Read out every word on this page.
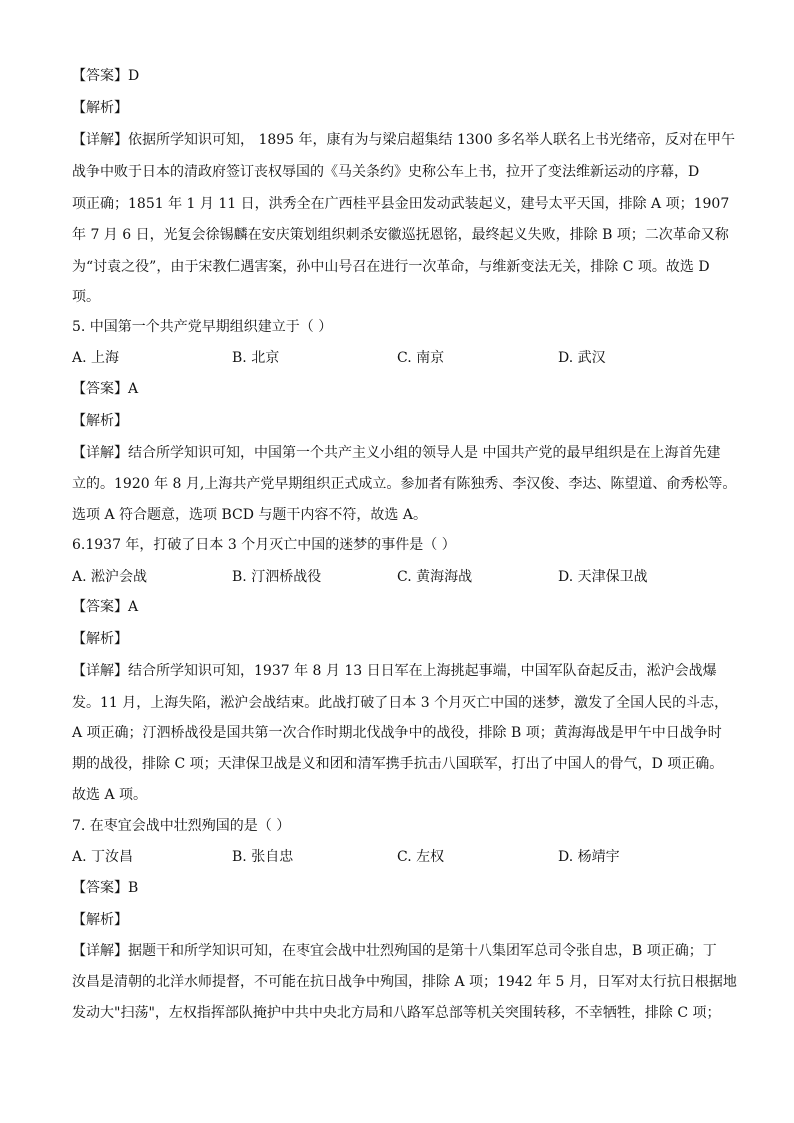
【答案】D
【解析】
【详解】依据所学知识可知， 1895 年，康有为与梁启超集结 1300 多名举人联名上书光绪帝，反对在甲午
战争中败于日本的清政府签订丧权辱国的《马关条约》史称公车上书，拉开了变法维新运动的序幕，D
项正确；1851 年 1 月 11 日，洪秀全在广西桂平县金田发动武装起义，建号太平天国，排除 A 项；1907
年 7 月 6 日，光复会徐锡麟在安庆策划组织刺杀安徽巡抚恩铭，最终起义失败，排除 B 项；二次革命又称
为“讨袁之役”，由于宋教仁遇害案，孙中山号召在进行一次革命，与维新变法无关，排除 C 项。故选 D
项。
5. 中国第一个共产党早期组织建立于（ ）
A. 上海	B. 北京	C. 南京	D. 武汉
【答案】A
【解析】
【详解】结合所学知识可知，中国第一个共产主义小组的领导人是 中国共产党的最早组织是在上海首先建
立的。1920 年 8 月,上海共产党早期组织正式成立。参加者有陈独秀、李汉俊、李达、陈望道、俞秀松等。
选项 A 符合题意，选项 BCD 与题干内容不符，故选 A。
6.1937 年，打破了日本 3 个月灭亡中国的迷梦的事件是（ ）
A. 淞沪会战	B. 汀泗桥战役	C. 黄海海战	D. 天津保卫战
【答案】A
【解析】
【详解】结合所学知识可知，1937 年 8 月 13 日日军在上海挑起事端，中国军队奋起反击，淞沪会战爆
发。11 月，上海失陷，淞沪会战结束。此战打破了日本 3 个月灭亡中国的迷梦，激发了全国人民的斗志，
A 项正确；汀泗桥战役是国共第一次合作时期北伐战争中的战役，排除 B 项；黄海海战是甲午中日战争时
期的战役，排除 C 项；天津保卫战是义和团和清军携手抗击八国联军，打出了中国人的骨气，D 项正确。
故选 A 项。
7. 在枣宜会战中壮烈殉国的是（ ）
A. 丁汝昌	B. 张自忠	C. 左权	D. 杨靖宇
【答案】B
【解析】
【详解】据题干和所学知识可知，在枣宜会战中壮烈殉国的是第十八集团军总司令张自忠，B 项正确；丁
汝昌是清朝的北洋水师提督，不可能在抗日战争中殉国，排除 A 项；1942 年 5 月，日军对太行抗日根据地
发动大"扫荡"，左权指挥部队掩护中共中央北方局和八路军总部等机关突围转移，不幸牺牲，排除 C 项；
